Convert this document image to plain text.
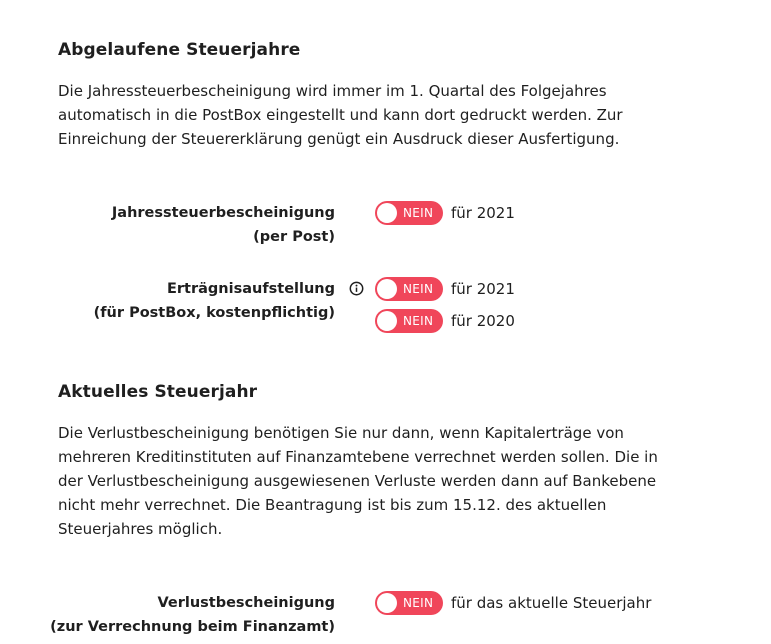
Abgelaufene Steuerjahre

Die Jahressteuerbescheinigung wird immer im 1. Quartal des Folgejahres
automatisch in die PostBox eingestellt und kann dort gedruckt werden. Zur
Einreichung der Steuererklärung genügt ein Ausdruck dieser Ausfertigung.

Jahressteuerbescheinigung
(per Post)
NEIN für 2021
Erträgnisaufstellung
(für PostBox, kostenpflichtig)
NEIN für 2021
NEIN für 2020
Aktuelles Steuerjahr

Die Verlustbescheinigung benötigen Sie nur dann, wenn Kapitalerträge von
mehreren Kreditinstituten auf Finanzamtebene verrechnet werden sollen. Die in
der Verlustbescheinigung ausgewiesenen Verluste werden dann auf Bankebene
nicht mehr verrechnet. Die Beantragung ist bis zum 15.12. des aktuellen
Steuerjahres möglich.

Verlustbescheinigung
(zur Verrechnung beim Finanzamt)
NEIN für das aktuelle Steuerjahr
